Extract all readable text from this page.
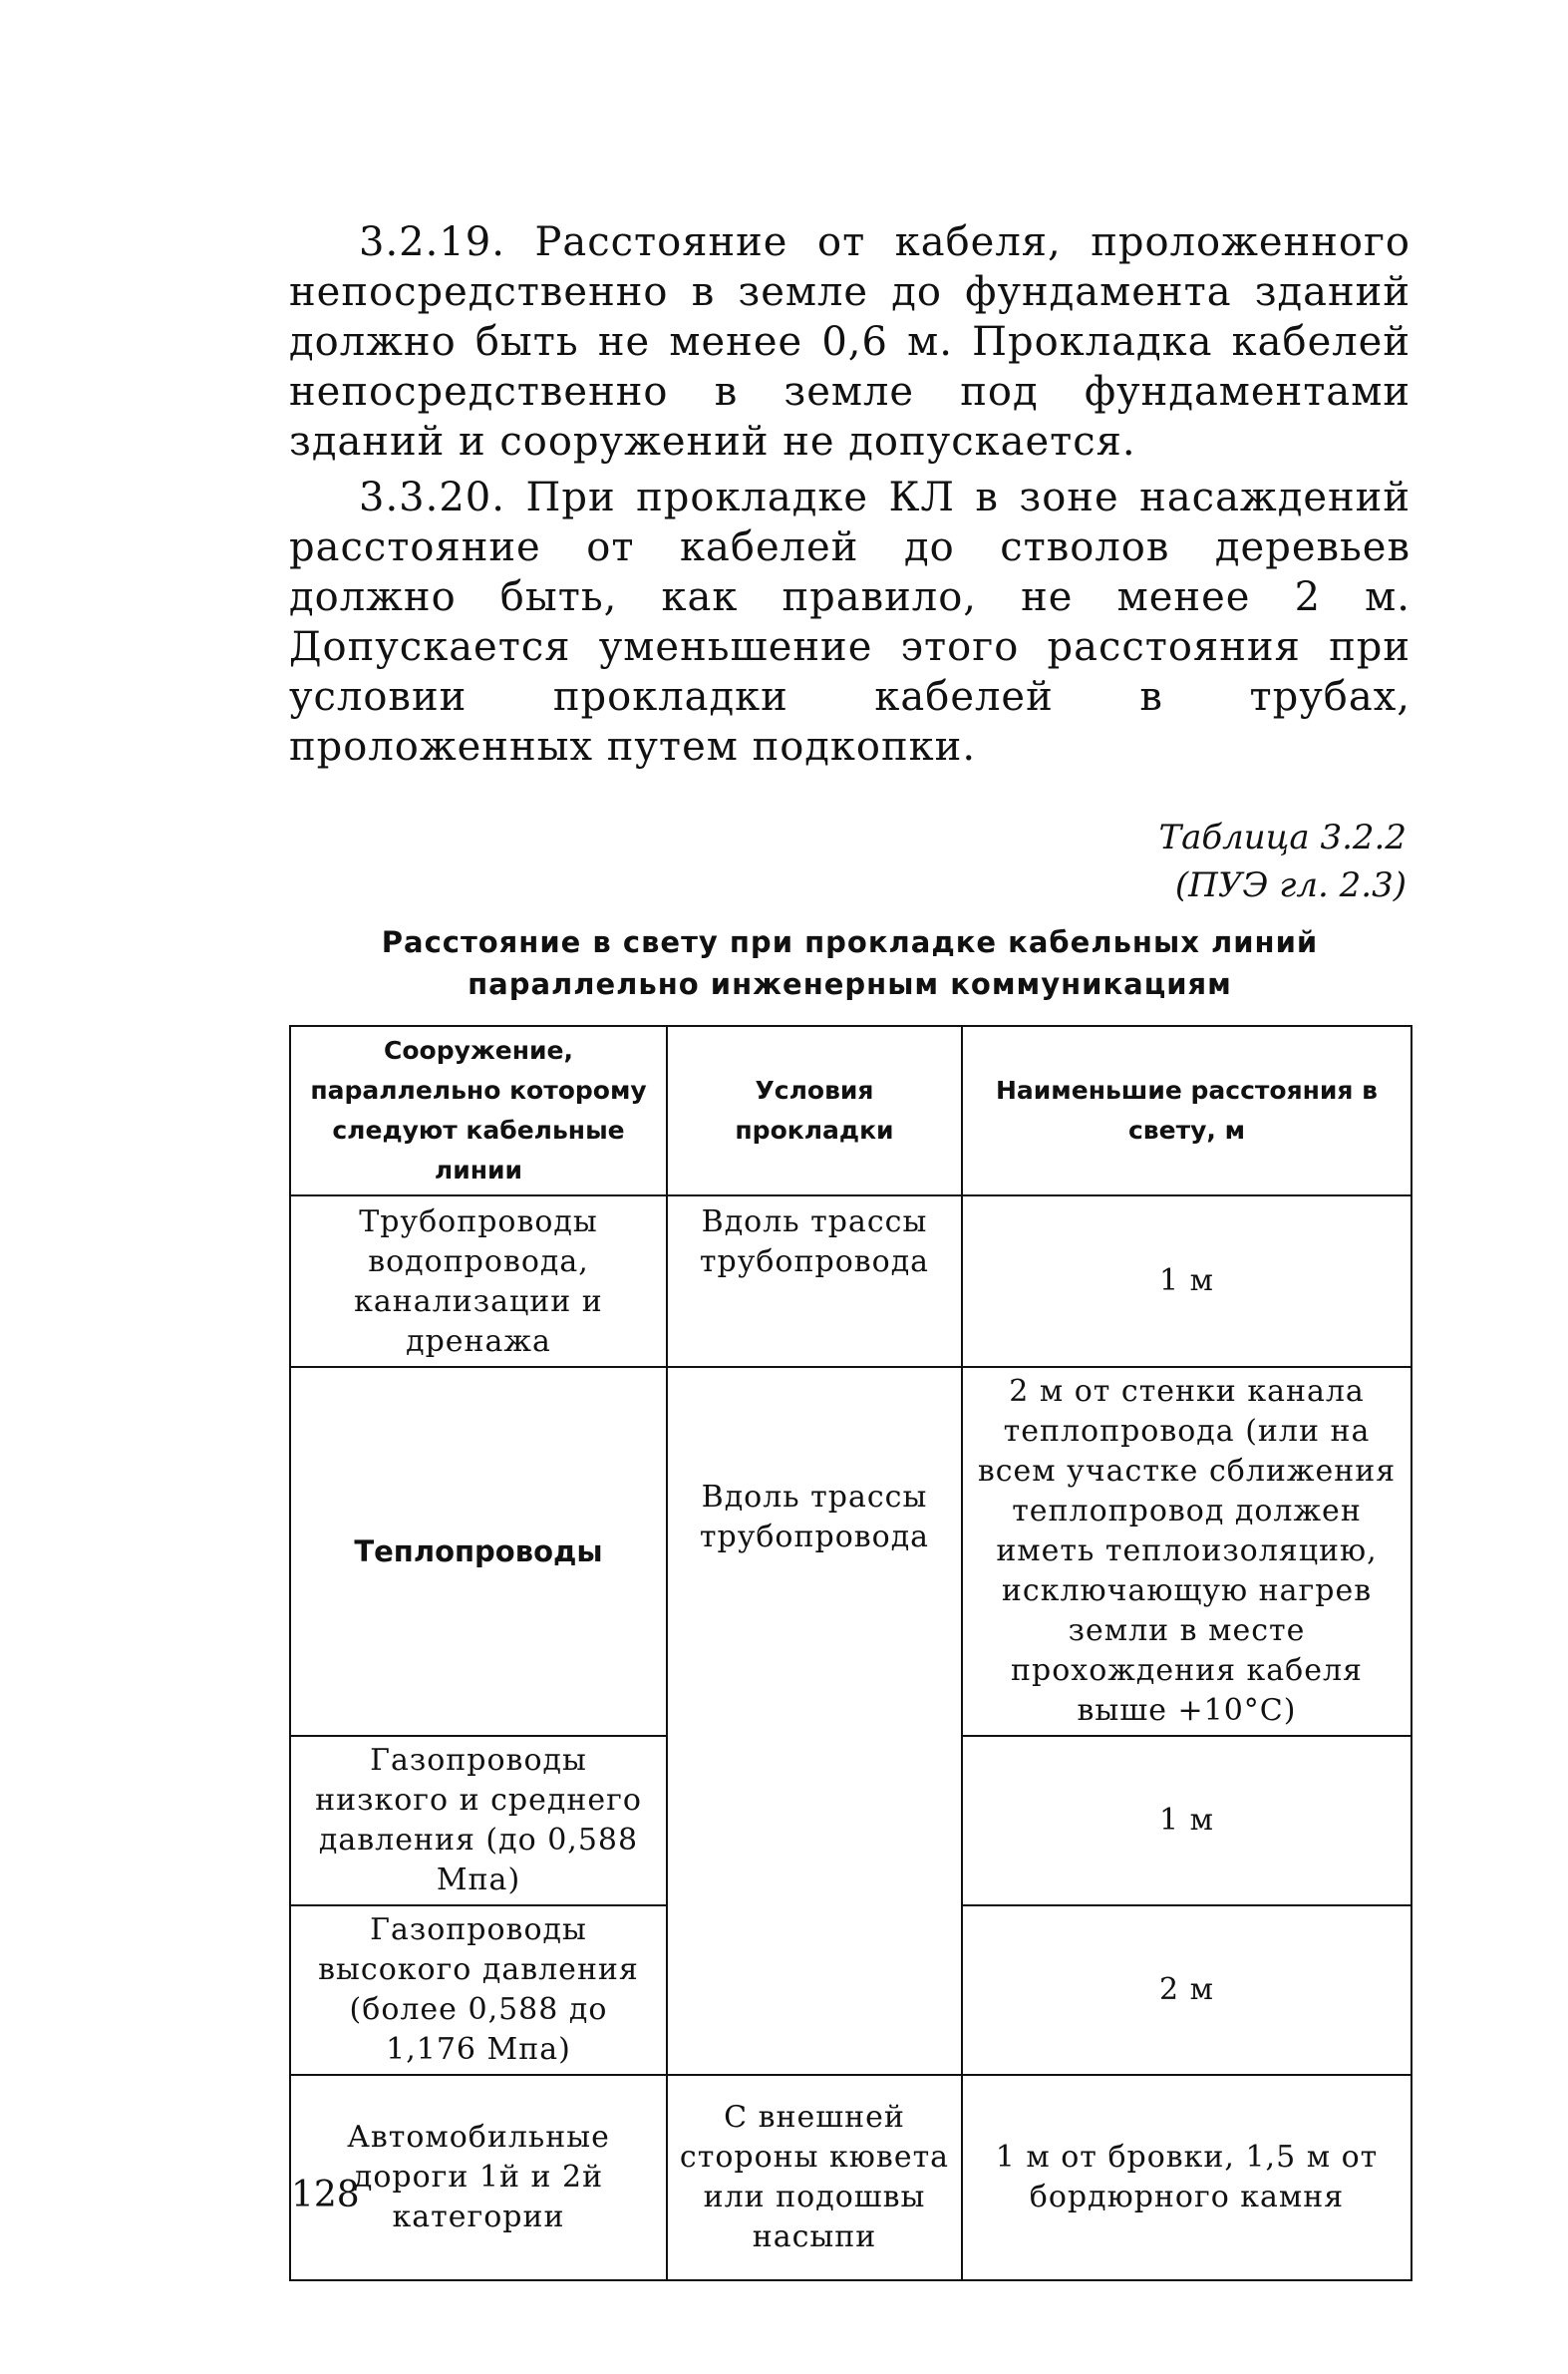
3.2.19. Расстояние от кабеля, проложенного непосредственно в земле до фундамента зданий должно быть не менее 0,6 м. Прокладка кабелей непосредственно в земле под фундаментами зданий и сооружений не допускается.

3.3.20. При прокладке КЛ в зоне насаждений расстояние от кабелей до стволов деревьев должно быть, как правило, не менее 2 м. Допускается уменьшение этого расстояния при условии прокладки кабелей в трубах, проложенных путем подкопки.

Таблица 3.2.2
(ПУЭ гл. 2.3)
Расстояние в свету при прокладке кабельных линий
параллельно инженерным коммуникациям
Сооружение, параллельно которому следуют кабельные линии	Условия прокладки	Наименьшие расстояния в свету, м
Трубопроводы водопровода, канализации и дренажа	Вдоль трассы трубопровода	1 м
Теплопроводы	Вдоль трассы трубопровода	2 м от стенки канала теплопровода (или на всем участке сближения теплопровод должен иметь теплоизоляцию, исключающую нагрев земли в месте прохождения кабеля выше +10°С)
Газопроводы низкого и среднего давления (до 0,588 Мпа)		1 м
Газопроводы высокого давления (более 0,588 до 1,176 Мпа)		2 м
Автомобильные дороги 1й и 2й категории	С внешней стороны кювета или подошвы насыпи	1 м от бровки, 1,5 м от бордюрного камня
128
